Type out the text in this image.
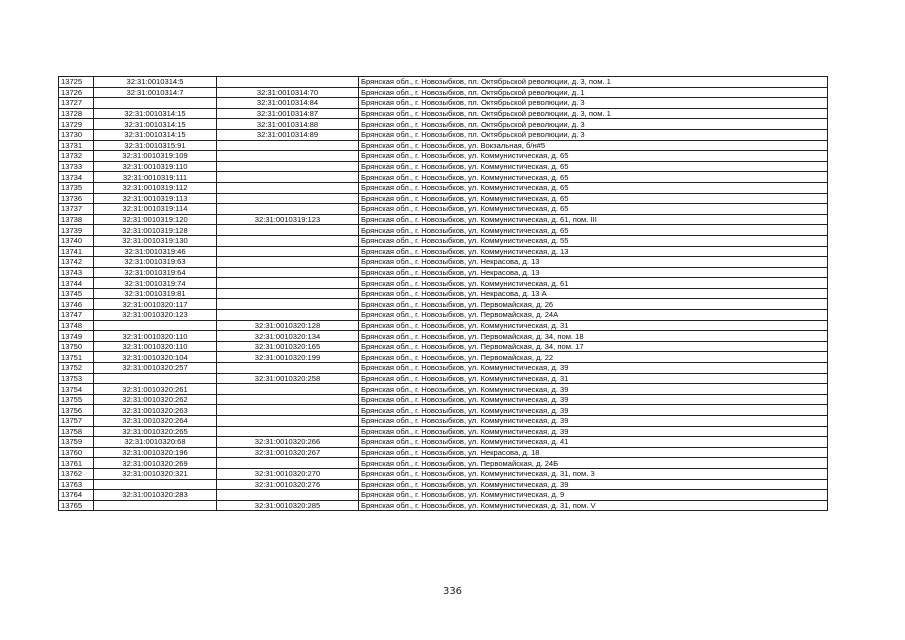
13725	32:31:0010314:5		Брянская обл., г. Новозыбков, пл. Октябрьской революции, д. 3, пом. 1
13726	32:31:0010314:7	32:31:0010314:70	Брянская обл., г. Новозыбков, пл. Октябрьской революции, д. 1
13727		32:31:0010314:84	Брянская обл., г. Новозыбков, пл. Октябрьской революции, д. 3
13728	32:31:0010314:15	32:31:0010314:87	Брянская обл., г. Новозыбков, пл. Октябрьской революции, д. 3, пом. 1
13729	32:31:0010314:15	32:31:0010314:88	Брянская обл., г. Новозыбков, пл. Октябрьской революции, д. 3
13730	32:31:0010314:15	32:31:0010314:89	Брянская обл., г. Новозыбков, пл. Октябрьской революции, д. 3
13731	32:31:0010315:91		Брянская обл., г. Новозыбков, ул. Вокзальная, б/н#5
13732	32:31:0010319:109		Брянская обл., г. Новозыбков, ул. Коммунистическая, д. 65
13733	32:31:0010319:110		Брянская обл., г. Новозыбков, ул. Коммунистическая, д. 65
13734	32:31:0010319:111		Брянская обл., г. Новозыбков, ул. Коммунистическая, д. 65
13735	32:31:0010319:112		Брянская обл., г. Новозыбков, ул. Коммунистическая, д. 65
13736	32:31:0010319:113		Брянская обл., г. Новозыбков, ул. Коммунистическая, д. 65
13737	32:31:0010319:114		Брянская обл., г. Новозыбков, ул. Коммунистическая, д. 65
13738	32:31:0010319:120	32:31:0010319:123	Брянская обл., г. Новозыбков, ул. Коммунистическая, д. 61, пом. III
13739	32:31:0010319:128		Брянская обл., г. Новозыбков, ул. Коммунистическая, д. 65
13740	32:31:0010319:130		Брянская обл., г. Новозыбков, ул. Коммунистическая, д. 55
13741	32:31:0010319:46		Брянская обл., г. Новозыбков, ул. Коммунистическая, д. 13
13742	32:31:0010319:63		Брянская обл., г. Новозыбков, ул. Некрасова, д. 13
13743	32:31:0010319:64		Брянская обл., г. Новозыбков, ул. Некрасова, д. 13
13744	32:31:0010319:74		Брянская обл., г. Новозыбков, ул. Коммунистическая, д. 61
13745	32:31:0010319:81		Брянская обл., г. Новозыбков, ул. Некрасова, д. 13 А
13746	32:31:0010320:117		Брянская обл., г. Новозыбков, ул. Первомайская, д. 26
13747	32:31:0010320:123		Брянская обл., г. Новозыбков, ул. Первомайская, д. 24А
13748		32:31:0010320:128	Брянская обл., г. Новозыбков, ул. Коммунистическая, д. 31
13749	32:31:0010320:110	32:31:0010320:134	Брянская обл., г. Новозыбков, ул. Первомайская, д. 34, пом. 18
13750	32:31:0010320:110	32:31:0010320:165	Брянская обл., г. Новозыбков, ул. Первомайская, д. 34, пом. 17
13751	32:31:0010320:104	32:31:0010320:199	Брянская обл., г. Новозыбков, ул. Первомайская, д. 22
13752	32:31:0010320:257		Брянская обл., г. Новозыбков, ул. Коммунистическая, д. 39
13753		32:31:0010320:258	Брянская обл., г. Новозыбков, ул. Коммунистическая, д. 31
13754	32:31:0010320:261		Брянская обл., г. Новозыбков, ул. Коммунистическая, д. 39
13755	32:31:0010320:262		Брянская обл., г. Новозыбков, ул. Коммунистическая, д. 39
13756	32:31:0010320:263		Брянская обл., г. Новозыбков, ул. Коммунистическая, д. 39
13757	32:31:0010320:264		Брянская обл., г. Новозыбков, ул. Коммунистическая, д. 39
13758	32:31:0010320:265		Брянская обл., г. Новозыбков, ул. Коммунистическая, д. 39
13759	32:31:0010320:68	32:31:0010320:266	Брянская обл., г. Новозыбков, ул. Коммунистическая, д. 41
13760	32:31:0010320:196	32:31:0010320:267	Брянская обл., г. Новозыбков, ул. Некрасова, д. 18
13761	32:31:0010320:269		Брянская обл., г. Новозыбков, ул. Первомайская, д. 24Б
13762	32:31:0010320:321	32:31:0010320:270	Брянская обл., г. Новозыбков, ул. Коммунистическая, д. 31, пом. 3
13763		32:31:0010320:276	Брянская обл., г. Новозыбков, ул. Коммунистическая, д. 39
13764	32:31:0010320:283		Брянская обл., г. Новозыбков, ул. Коммунистическая, д. 9
13765		32:31:0010320:285	Брянская обл., г. Новозыбков, ул. Коммунистическая, д. 31, пом. V
336
